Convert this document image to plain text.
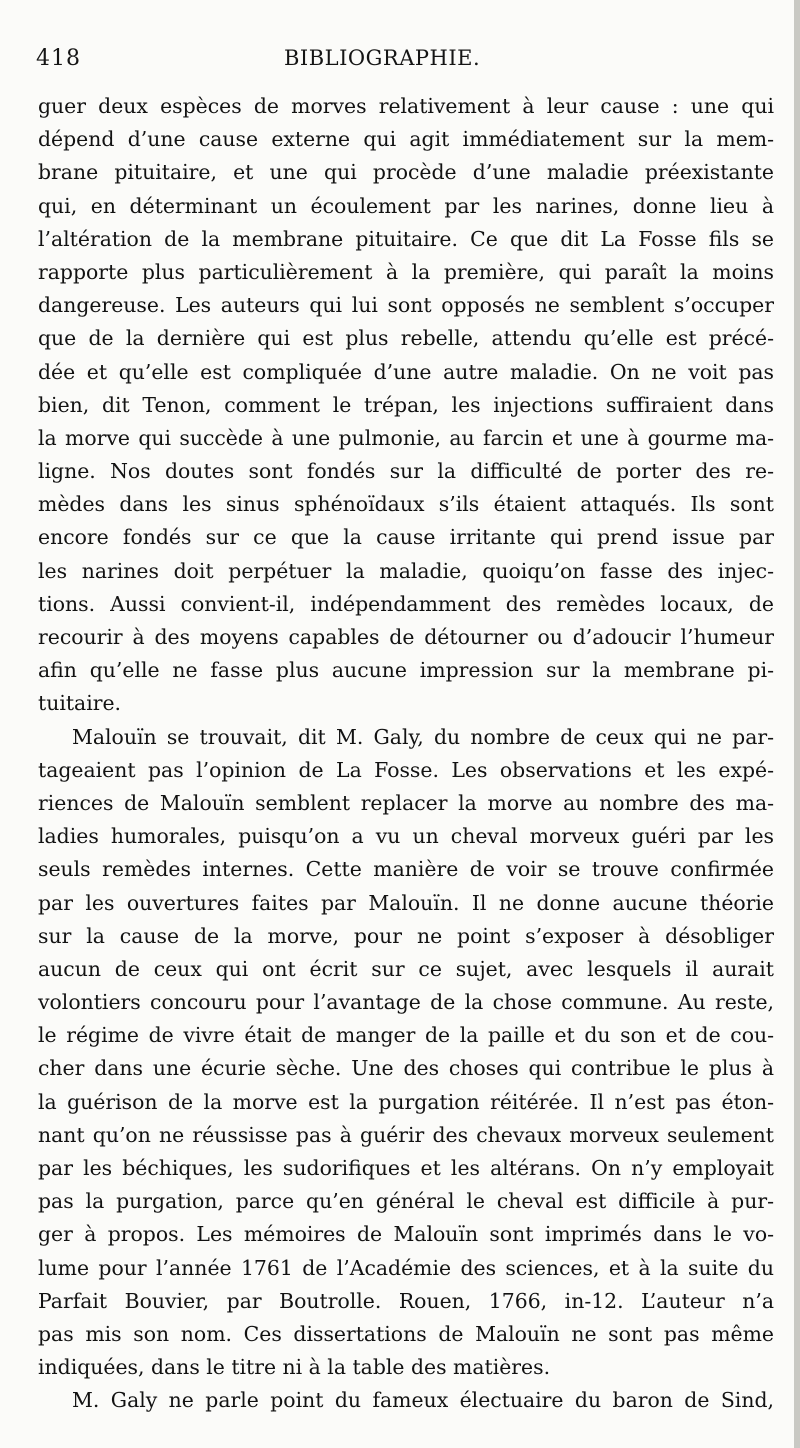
418	BIBLIOGRAPHIE.
guer deux espèces de morves relativement à leur cause : une qui
dépend d’une cause externe qui agit immédiatement sur la mem-
brane pituitaire, et une qui procède d’une maladie préexistante
qui, en déterminant un écoulement par les narines, donne lieu à
l’altération de la membrane pituitaire. Ce que dit La Fosse fils se
rapporte plus particulièrement à la première, qui paraît la moins
dangereuse. Les auteurs qui lui sont opposés ne semblent s’occuper
que de la dernière qui est plus rebelle, attendu qu’elle est précé-
dée et qu’elle est compliquée d’une autre maladie. On ne voit pas
bien, dit Tenon, comment le trépan, les injections suffiraient dans
la morve qui succède à une pulmonie, au farcin et une à gourme ma-
ligne. Nos doutes sont fondés sur la difficulté de porter des re-
mèdes dans les sinus sphénoïdaux s’ils étaient attaqués. Ils sont
encore fondés sur ce que la cause irritante qui prend issue par
les narines doit perpétuer la maladie, quoiqu’on fasse des injec-
tions. Aussi convient-il, indépendamment des remèdes locaux, de
recourir à des moyens capables de détourner ou d’adoucir l’humeur
afin qu’elle ne fasse plus aucune impression sur la membrane pi-
tuitaire.
Malouïn se trouvait, dit M. Galy, du nombre de ceux qui ne par-
tageaient pas l’opinion de La Fosse. Les observations et les expé-
riences de Malouïn semblent replacer la morve au nombre des ma-
ladies humorales, puisqu’on a vu un cheval morveux guéri par les
seuls remèdes internes. Cette manière de voir se trouve confirmée
par les ouvertures faites par Malouïn. Il ne donne aucune théorie
sur la cause de la morve, pour ne point s’exposer à désobliger
aucun de ceux qui ont écrit sur ce sujet, avec lesquels il aurait
volontiers concouru pour l’avantage de la chose commune. Au reste,
le régime de vivre était de manger de la paille et du son et de cou-
cher dans une écurie sèche. Une des choses qui contribue le plus à
la guérison de la morve est la purgation réitérée. Il n’est pas éton-
nant qu’on ne réussisse pas à guérir des chevaux morveux seulement
par les béchiques, les sudorifiques et les altérans. On n’y employait
pas la purgation, parce qu’en général le cheval est difficile à pur-
ger à propos. Les mémoires de Malouïn sont imprimés dans le vo-
lume pour l’année 1761 de l’Académie des sciences, et à la suite du
Parfait Bouvier, par Boutrolle. Rouen, 1766, in-12. L’auteur n’a
pas mis son nom. Ces dissertations de Malouïn ne sont pas même
indiquées, dans le titre ni à la table des matières.
M. Galy ne parle point du fameux électuaire du baron de Sind,
